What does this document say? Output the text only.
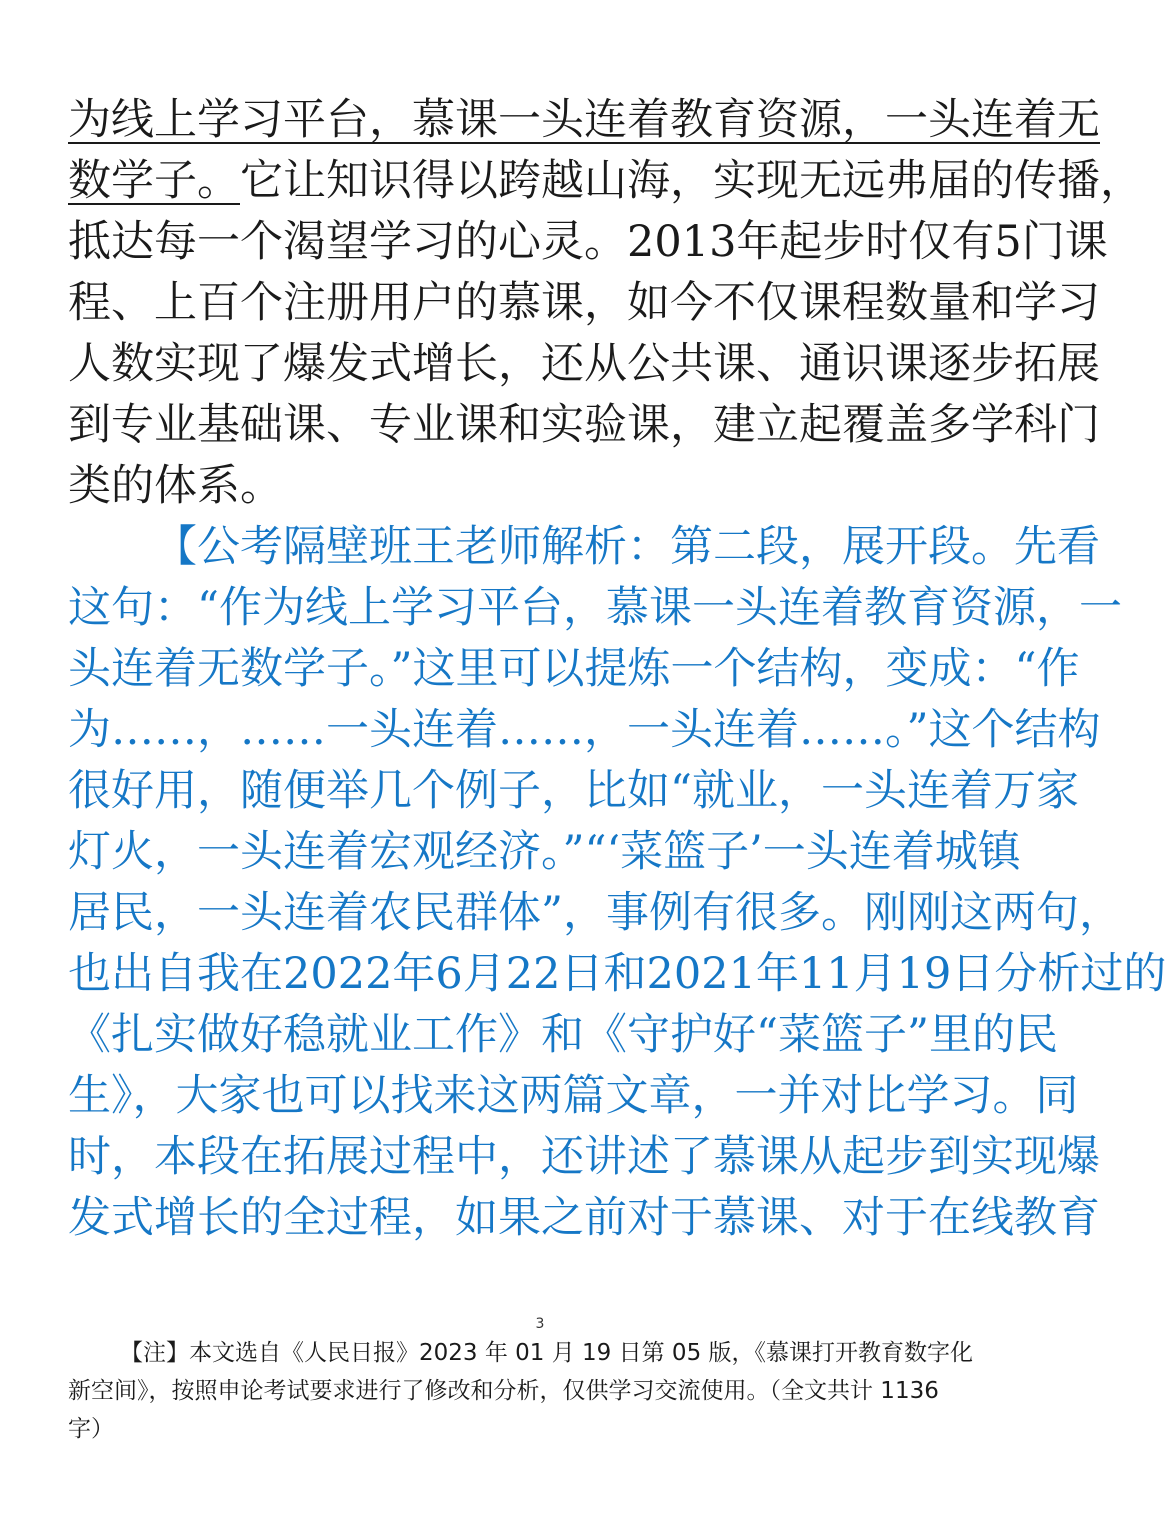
为线上学习平台，慕课一头连着教育资源，一头连着无
数学子。它让知识得以跨越山海，实现无远弗届的传播，
抵达每一个渴望学习的心灵。2013年起步时仅有5门课
程、上百个注册用户的慕课，如今不仅课程数量和学习
人数实现了爆发式增长，还从公共课、通识课逐步拓展
到专业基础课、专业课和实验课，建立起覆盖多学科门
类的体系。
【公考隔壁班王老师解析：第二段，展开段。先看
这句：“作为线上学习平台，慕课一头连着教育资源，一
头连着无数学子。”这里可以提炼一个结构，变成：“作
为……，……一头连着……，一头连着……。”这个结构
很好用，随便举几个例子，比如“就业，一头连着万家
灯火，一头连着宏观经济。”“‘菜篮子’一头连着城镇
居民，一头连着农民群体”，事例有很多。刚刚这两句，
也出自我在2022年6月22日和2021年11月19日分析过的
《扎实做好稳就业工作》和《守护好“菜篮子”里的民
生》，大家也可以找来这两篇文章，一并对比学习。同
时，本段在拓展过程中，还讲述了慕课从起步到实现爆
发式增长的全过程，如果之前对于慕课、对于在线教育
3
【注】本文选自《人民日报》2023 年 01 月 19 日第 05 版，《慕课打开教育数字化
新空间》，按照申论考试要求进行了修改和分析，仅供学习交流使用。（全文共计 1136
字）
